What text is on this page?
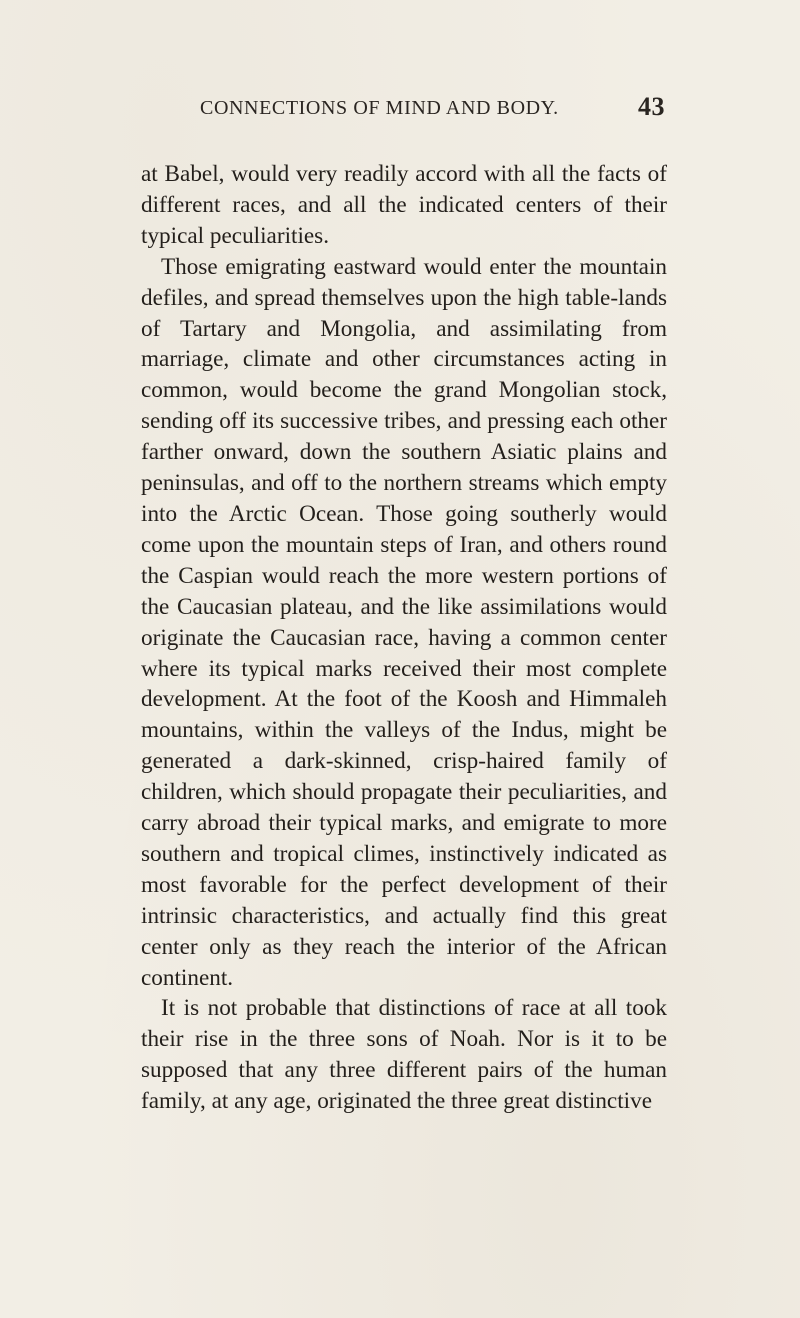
CONNECTIONS OF MIND AND BODY.	43

at Babel, would very readily accord with all the facts of different races, and all the indicated centers of their typical peculiarities.

Those emigrating eastward would enter the mountain defiles, and spread themselves upon the high table-lands of Tartary and Mongolia, and assimilating from marriage, climate and other circumstances acting in common, would become the grand Mongolian stock, sending off its successive tribes, and pressing each other farther onward, down the southern Asiatic plains and peninsulas, and off to the northern streams which empty into the Arctic Ocean. Those going southerly would come upon the mountain steps of Iran, and others round the Caspian would reach the more western portions of the Caucasian plateau, and the like assimilations would originate the Caucasian race, having a common center where its typical marks received their most complete development. At the foot of the Koosh and Himmaleh mountains, within the valleys of the Indus, might be generated a dark-skinned, crisp-haired family of children, which should propagate their peculiarities, and carry abroad their typical marks, and emigrate to more southern and tropical climes, instinctively indicated as most favorable for the perfect development of their intrinsic characteristics, and actually find this great center only as they reach the interior of the African continent.

It is not probable that distinctions of race at all took their rise in the three sons of Noah. Nor is it to be supposed that any three different pairs of the human family, at any age, originated the three great distinctive
